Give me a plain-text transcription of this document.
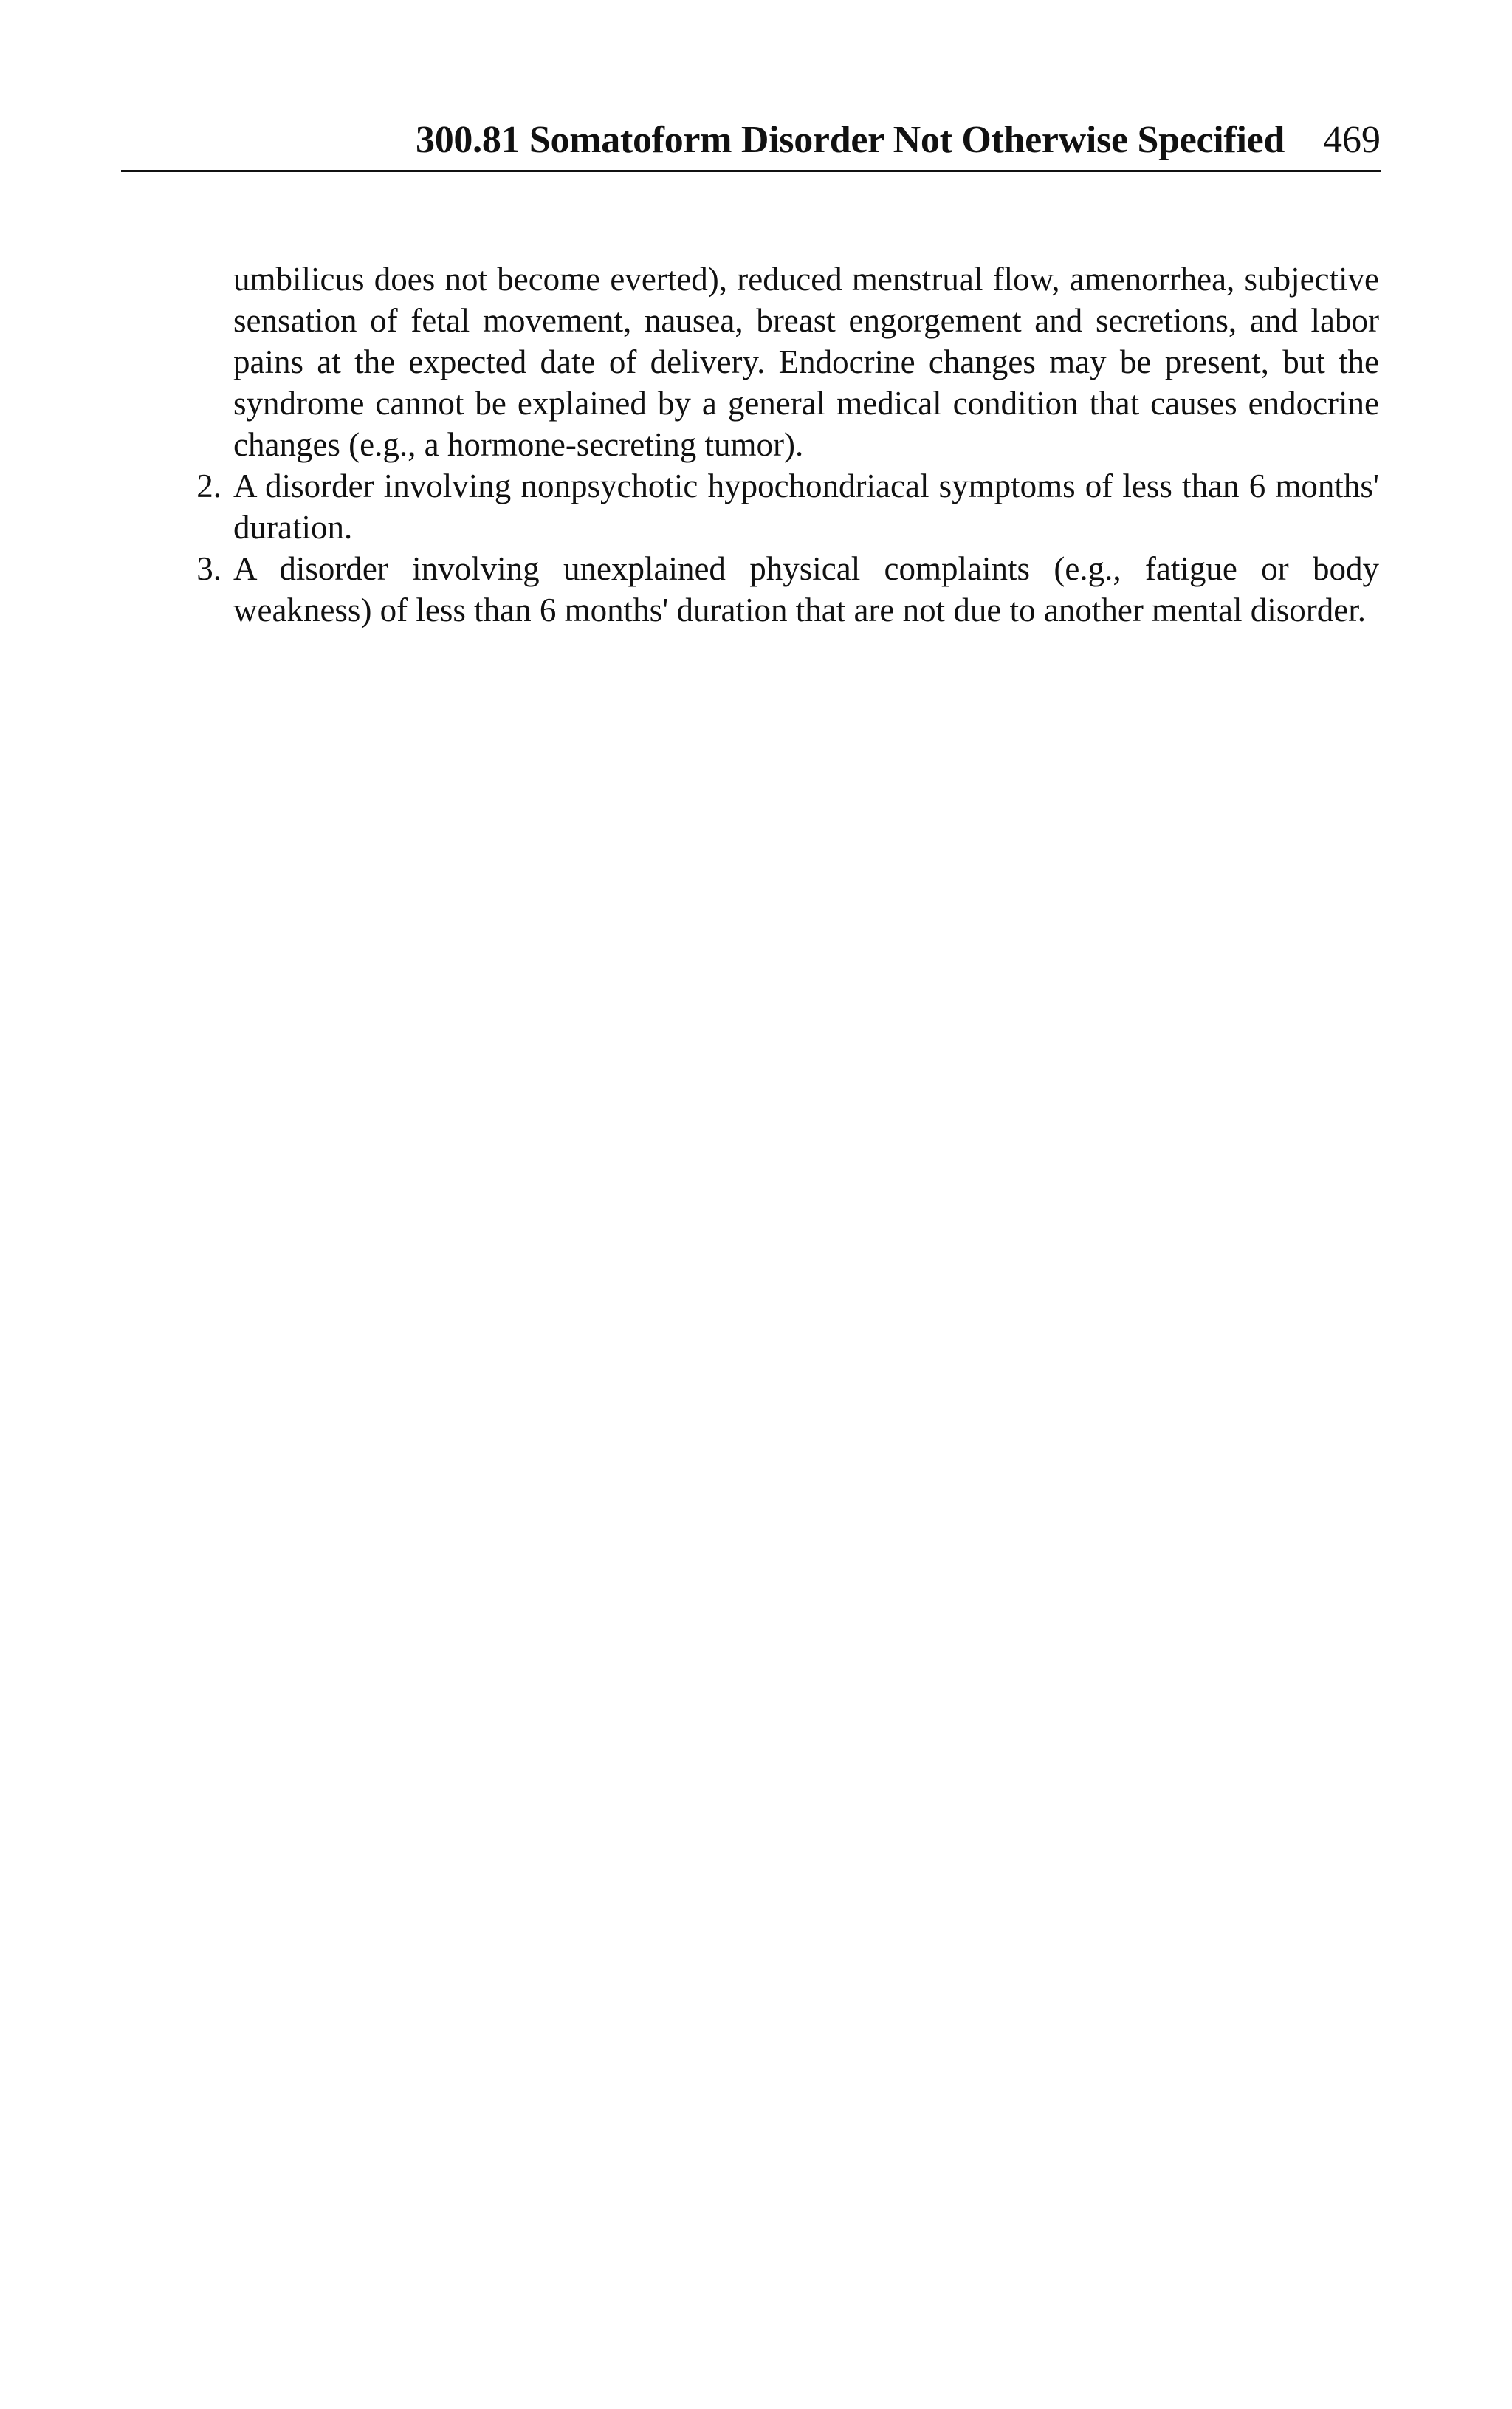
300.81 Somatoform Disorder Not Otherwise Specified 469

umbilicus does not become everted), reduced menstrual flow, amenorrhea, subjective sensation of fetal movement, nausea, breast engorgement and secretions, and labor pains at the expected date of delivery. Endocrine changes may be present, but the syndrome cannot be explained by a general medical condition that causes endocrine changes (e.g., a hormone-secreting tumor).

2. A disorder involving nonpsychotic hypochondriacal symptoms of less than 6 months' duration.
3. A disorder involving unexplained physical complaints (e.g., fatigue or body weakness) of less than 6 months' duration that are not due to another mental disorder.
